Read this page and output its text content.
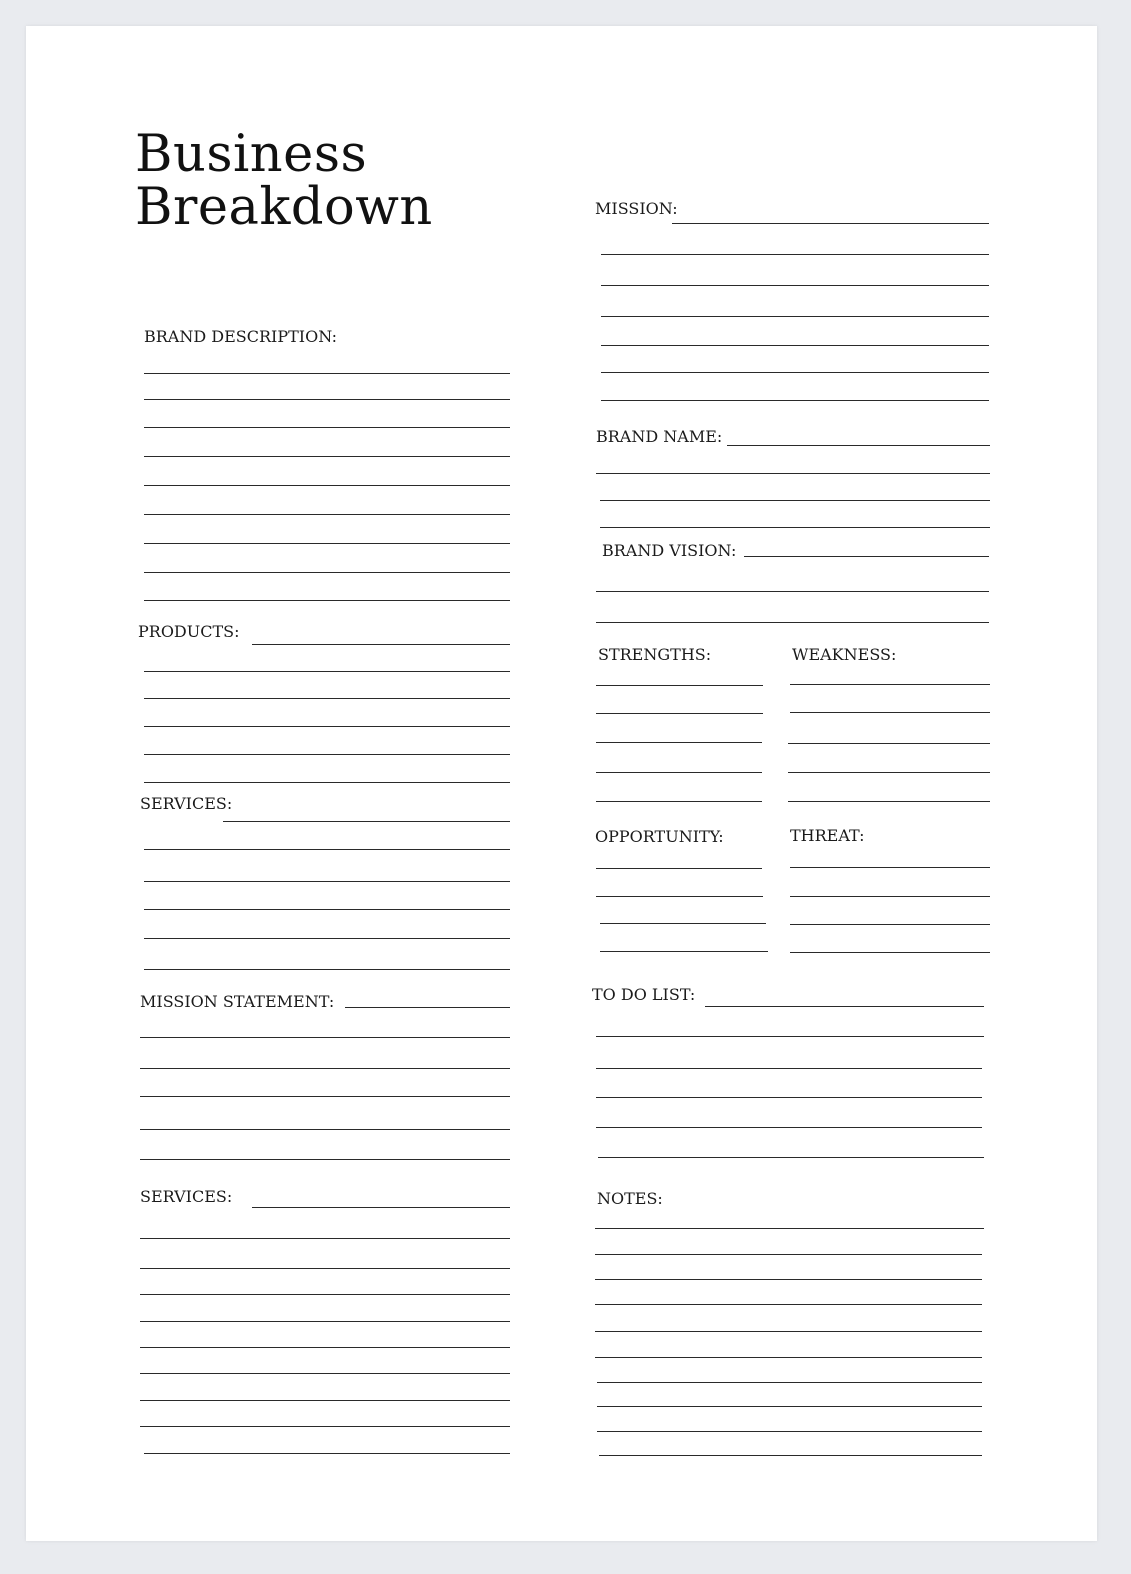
Business
Breakdown
BRAND DESCRIPTION:
PRODUCTS:
SERVICES:
MISSION STATEMENT:
SERVICES:
MISSION:
BRAND NAME:
BRAND VISION:
STRENGTHS:	WEAKNESS:
OPPORTUNITY:	THREAT:
TO DO LIST:
NOTES:
